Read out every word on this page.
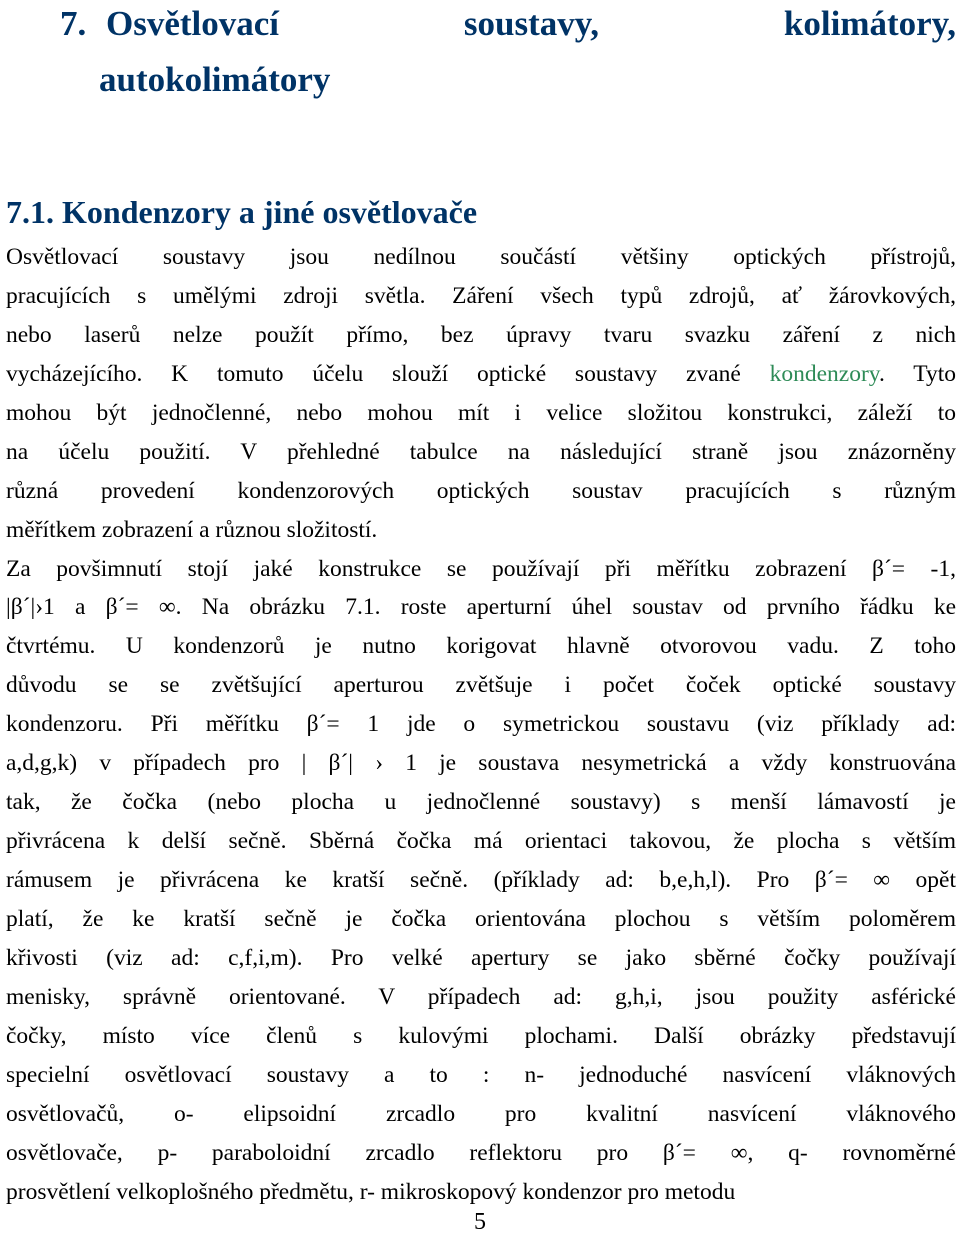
7. Osvětlovací	soustavy,	kolimátory,
autokolimátory
7.1. Kondenzory a jiné osvětlovače
Osvětlovací soustavy jsou nedílnou součástí většiny optických přístrojů,
pracujících s umělými zdroji světla. Záření všech typů zdrojů, ať žárovkových,
nebo laserů nelze použít přímo, bez úpravy tvaru svazku záření z nich
vycházejícího. K tomuto účelu slouží optické soustavy zvané kondenzory. Tyto
mohou být jednočlenné, nebo mohou mít i velice složitou konstrukci, záleží to
na účelu použití. V přehledné tabulce na následující straně jsou znázorněny
různá provedení kondenzorových optických soustav pracujících s různým
měřítkem zobrazení a různou složitostí.
Za povšimnutí stojí jaké konstrukce se používají při měřítku zobrazení β´= -1,
|β´|›1 a β´= ∞. Na obrázku 7.1. roste aperturní úhel soustav od prvního řádku ke
čtvrtému. U kondenzorů je nutno korigovat hlavně otvorovou vadu. Z toho
důvodu se se zvětšující aperturou zvětšuje i počet čoček optické soustavy
kondenzoru. Při měřítku β´= 1 jde o symetrickou soustavu (viz příklady ad:
a,d,g,k) v případech pro | β´| › 1 je soustava nesymetrická a vždy konstruována
tak, že čočka (nebo plocha u jednočlenné soustavy) s menší lámavostí je
přivrácena k delší sečně. Sběrná čočka má orientaci takovou, že plocha s větším
rámusem je přivrácena ke kratší sečně. (příklady ad: b,e,h,l). Pro β´= ∞ opět
platí, že ke kratší sečně je čočka orientována plochou s větším poloměrem
křivosti (viz ad: c,f,i,m). Pro velké apertury se jako sběrné čočky používají
menisky, správně orientované. V případech ad: g,h,i, jsou použity asférické
čočky, místo více členů s kulovými plochami. Další obrázky představují
specielní osvětlovací soustavy a to : n- jednoduché nasvícení vláknových
osvětlovačů, o- elipsoidní zrcadlo pro kvalitní nasvícení vláknového
osvětlovače, p- paraboloidní zrcadlo reflektoru pro β´= ∞, q- rovnoměrné
prosvětlení velkoplošného předmětu, r- mikroskopový kondenzor pro metodu
5
